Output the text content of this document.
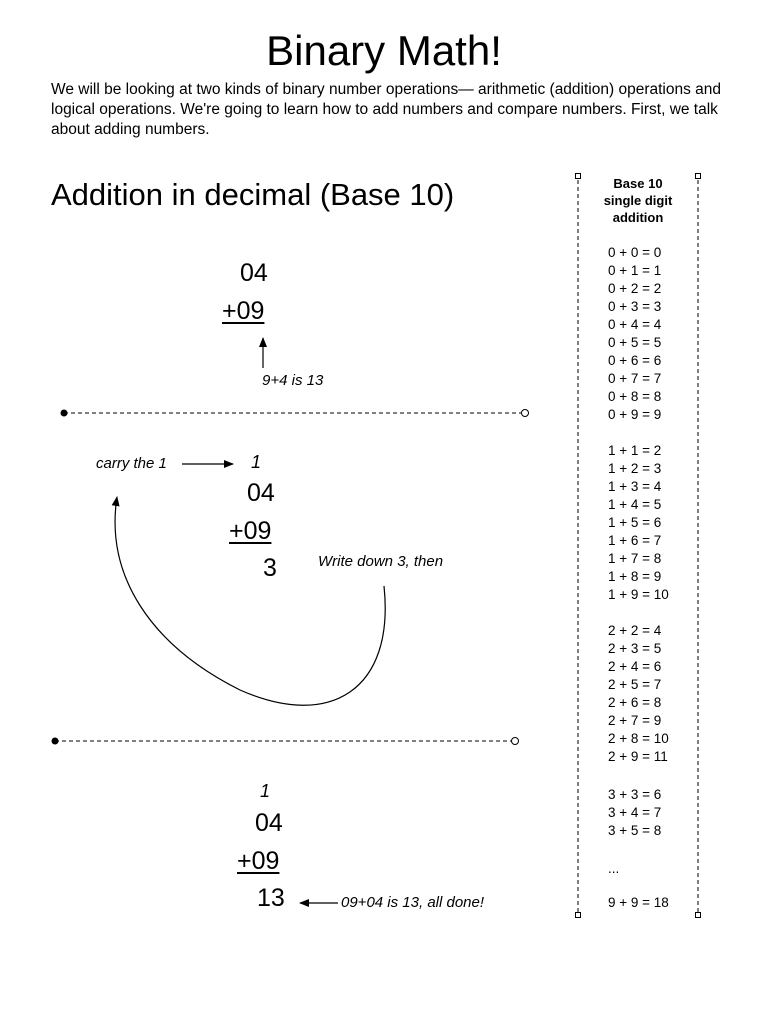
Binary Math!
We will be looking at two kinds of binary number operations— arithmetic (addition) operations and logical operations. We're going to learn how to add numbers and compare numbers. First, we talk about adding numbers.
Addition in decimal (Base 10)
04
+09
9+4 is 13
carry the 1	1
04
+09
3	Write down 3, then
1
04
+09
13	09+04 is 13, all done!
Base 10
single digit
addition
0 + 0 = 0
0 + 1 = 1
0 + 2 = 2
0 + 3 = 3
0 + 4 = 4
0 + 5 = 5
0 + 6 = 6
0 + 7 = 7
0 + 8 = 8
0 + 9 = 9
1 + 1 = 2
1 + 2 = 3
1 + 3 = 4
1 + 4 = 5
1 + 5 = 6
1 + 6 = 7
1 + 7 = 8
1 + 8 = 9
1 + 9 = 10
2 + 2 = 4
2 + 3 = 5
2 + 4 = 6
2 + 5 = 7
2 + 6 = 8
2 + 7 = 9
2 + 8 = 10
2 + 9 = 11
3 + 3 = 6
3 + 4 = 7
3 + 5 = 8
...
9 + 9 = 18
